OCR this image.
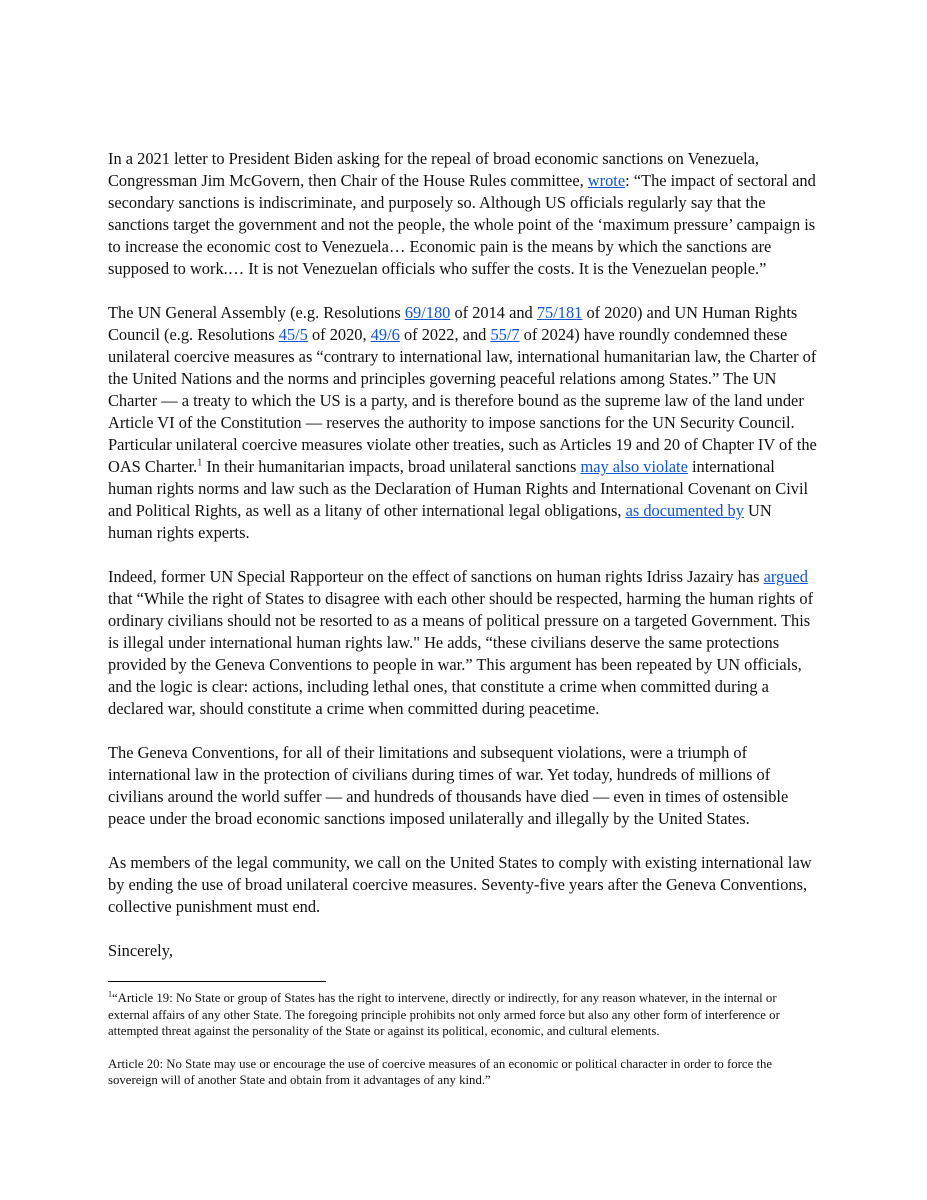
In a 2021 letter to President Biden asking for the repeal of broad economic sanctions on Venezuela, Congressman Jim McGovern, then Chair of the House Rules committee, wrote: “The impact of sectoral and secondary sanctions is indiscriminate, and purposely so. Although US officials regularly say that the sanctions target the government and not the people, the whole point of the ‘maximum pressure’ campaign is to increase the economic cost to Venezuela… Economic pain is the means by which the sanctions are supposed to work.… It is not Venezuelan officials who suffer the costs. It is the Venezuelan people.”

The UN General Assembly (e.g. Resolutions 69/180 of 2014 and 75/181 of 2020) and UN Human Rights Council (e.g. Resolutions 45/5 of 2020, 49/6 of 2022, and 55/7 of 2024) have roundly condemned these unilateral coercive measures as “contrary to international law, international humanitarian law, the Charter of the United Nations and the norms and principles governing peaceful relations among States.” The UN Charter — a treaty to which the US is a party, and is therefore bound as the supreme law of the land under Article VI of the Constitution — reserves the authority to impose sanctions for the UN Security Council. Particular unilateral coercive measures violate other treaties, such as Articles 19 and 20 of Chapter IV of the OAS Charter.$^1$ In their humanitarian impacts, broad unilateral sanctions may also violate international human rights norms and law such as the Declaration of Human Rights and International Covenant on Civil and Political Rights, as well as a litany of other international legal obligations, as documented by UN human rights experts.

Indeed, former UN Special Rapporteur on the effect of sanctions on human rights Idriss Jazairy has argued that “While the right of States to disagree with each other should be respected, harming the human rights of ordinary civilians should not be resorted to as a means of political pressure on a targeted Government. This is illegal under international human rights law." He adds, “these civilians deserve the same protections provided by the Geneva Conventions to people in war.” This argument has been repeated by UN officials, and the logic is clear: actions, including lethal ones, that constitute a crime when committed during a declared war, should constitute a crime when committed during peacetime.

The Geneva Conventions, for all of their limitations and subsequent violations, were a triumph of international law in the protection of civilians during times of war. Yet today, hundreds of millions of civilians around the world suffer — and hundreds of thousands have died — even in times of ostensible peace under the broad economic sanctions imposed unilaterally and illegally by the United States.

As members of the legal community, we call on the United States to comply with existing international law by ending the use of broad unilateral coercive measures. Seventy-five years after the Geneva Conventions, collective punishment must end.

Sincerely,

$^1$“Article 19: No State or group of States has the right to intervene, directly or indirectly, for any reason whatever, in the internal or external affairs of any other State. The foregoing principle prohibits not only armed force but also any other form of interference or attempted threat against the personality of the State or against its political, economic, and cultural elements.

Article 20: No State may use or encourage the use of coercive measures of an economic or political character in order to force the sovereign will of another State and obtain from it advantages of any kind.”
